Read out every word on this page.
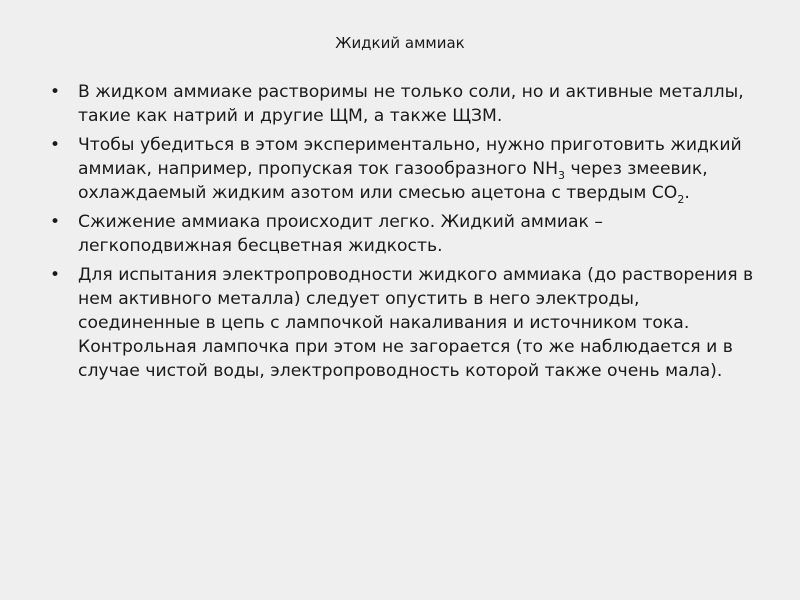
Жидкий аммиак
• В жидком аммиаке растворимы не только соли, но и активные металлы, такие как натрий и другие ЩМ, а также ЩЗМ.
• Чтобы убедиться в этом экспериментально, нужно приготовить жидкий аммиак, например, пропуская ток газообразного $NH_3$ через змеевик, охлаждаемый жидким азотом или смесью ацетона с твердым $CO_2$.
• Сжижение аммиака происходит легко. Жидкий аммиак – легкоподвижная бесцветная жидкость.
• Для испытания электропроводности жидкого аммиака (до растворения в нем активного металла) следует опустить в него электроды, соединенные в цепь с лампочкой накаливания и источником тока. Контрольная лампочка при этом не загорается (то же наблюдается и в случае чистой воды, электропроводность которой также очень мала).
